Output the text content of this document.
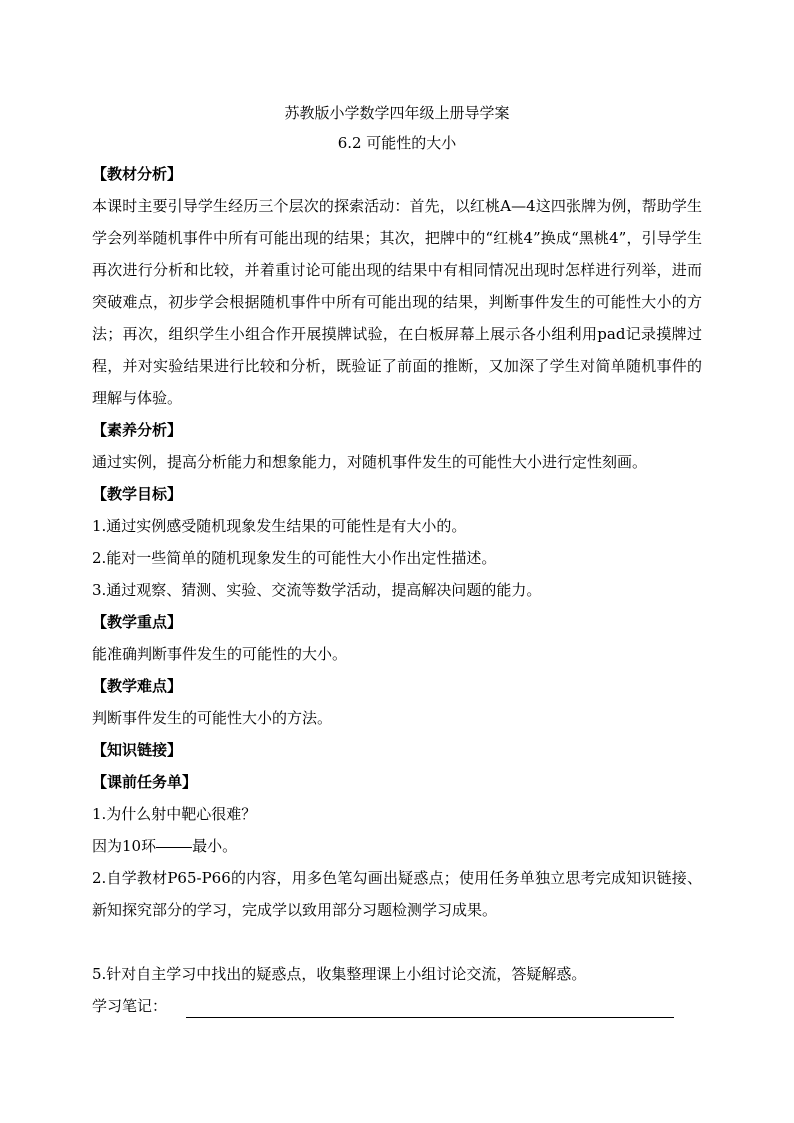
苏教版小学数学四年级上册导学案

6.2 可能性的大小

【教材分析】

本课时主要引导学生经历三个层次的探索活动：首先，以红桃A—4这四张牌为例，帮助学生学会列举随机事件中所有可能出现的结果；其次，把牌中的“红桃4”换成“黑桃4”，引导学生再次进行分析和比较，并着重讨论可能出现的结果中有相同情况出现时怎样进行列举，进而突破难点，初步学会根据随机事件中所有可能出现的结果，判断事件发生的可能性大小的方法；再次，组织学生小组合作开展摸牌试验，在白板屏幕上展示各小组利用pad记录摸牌过程，并对实验结果进行比较和分析，既验证了前面的推断，又加深了学生对简单随机事件的理解与体验。

【素养分析】

通过实例，提高分析能力和想象能力，对随机事件发生的可能性大小进行定性刻画。

【教学目标】

1.通过实例感受随机现象发生结果的可能性是有大小的。

2.能对一些简单的随机现象发生的可能性大小作出定性描述。

3.通过观察、猜测、实验、交流等数学活动，提高解决问题的能力。

【教学重点】

能准确判断事件发生的可能性的大小。

【教学难点】

判断事件发生的可能性大小的方法。

【知识链接】

【课前任务单】

1.为什么射中靶心很难？

因为10环 最小。

2.自学教材P65-P66的内容，用多色笔勾画出疑惑点；使用任务单独立思考完成知识链接、新知探究部分的学习，完成学以致用部分习题检测学习成果。

5.针对自主学习中找出的疑惑点，收集整理课上小组讨论交流，答疑解惑。

学习笔记：
